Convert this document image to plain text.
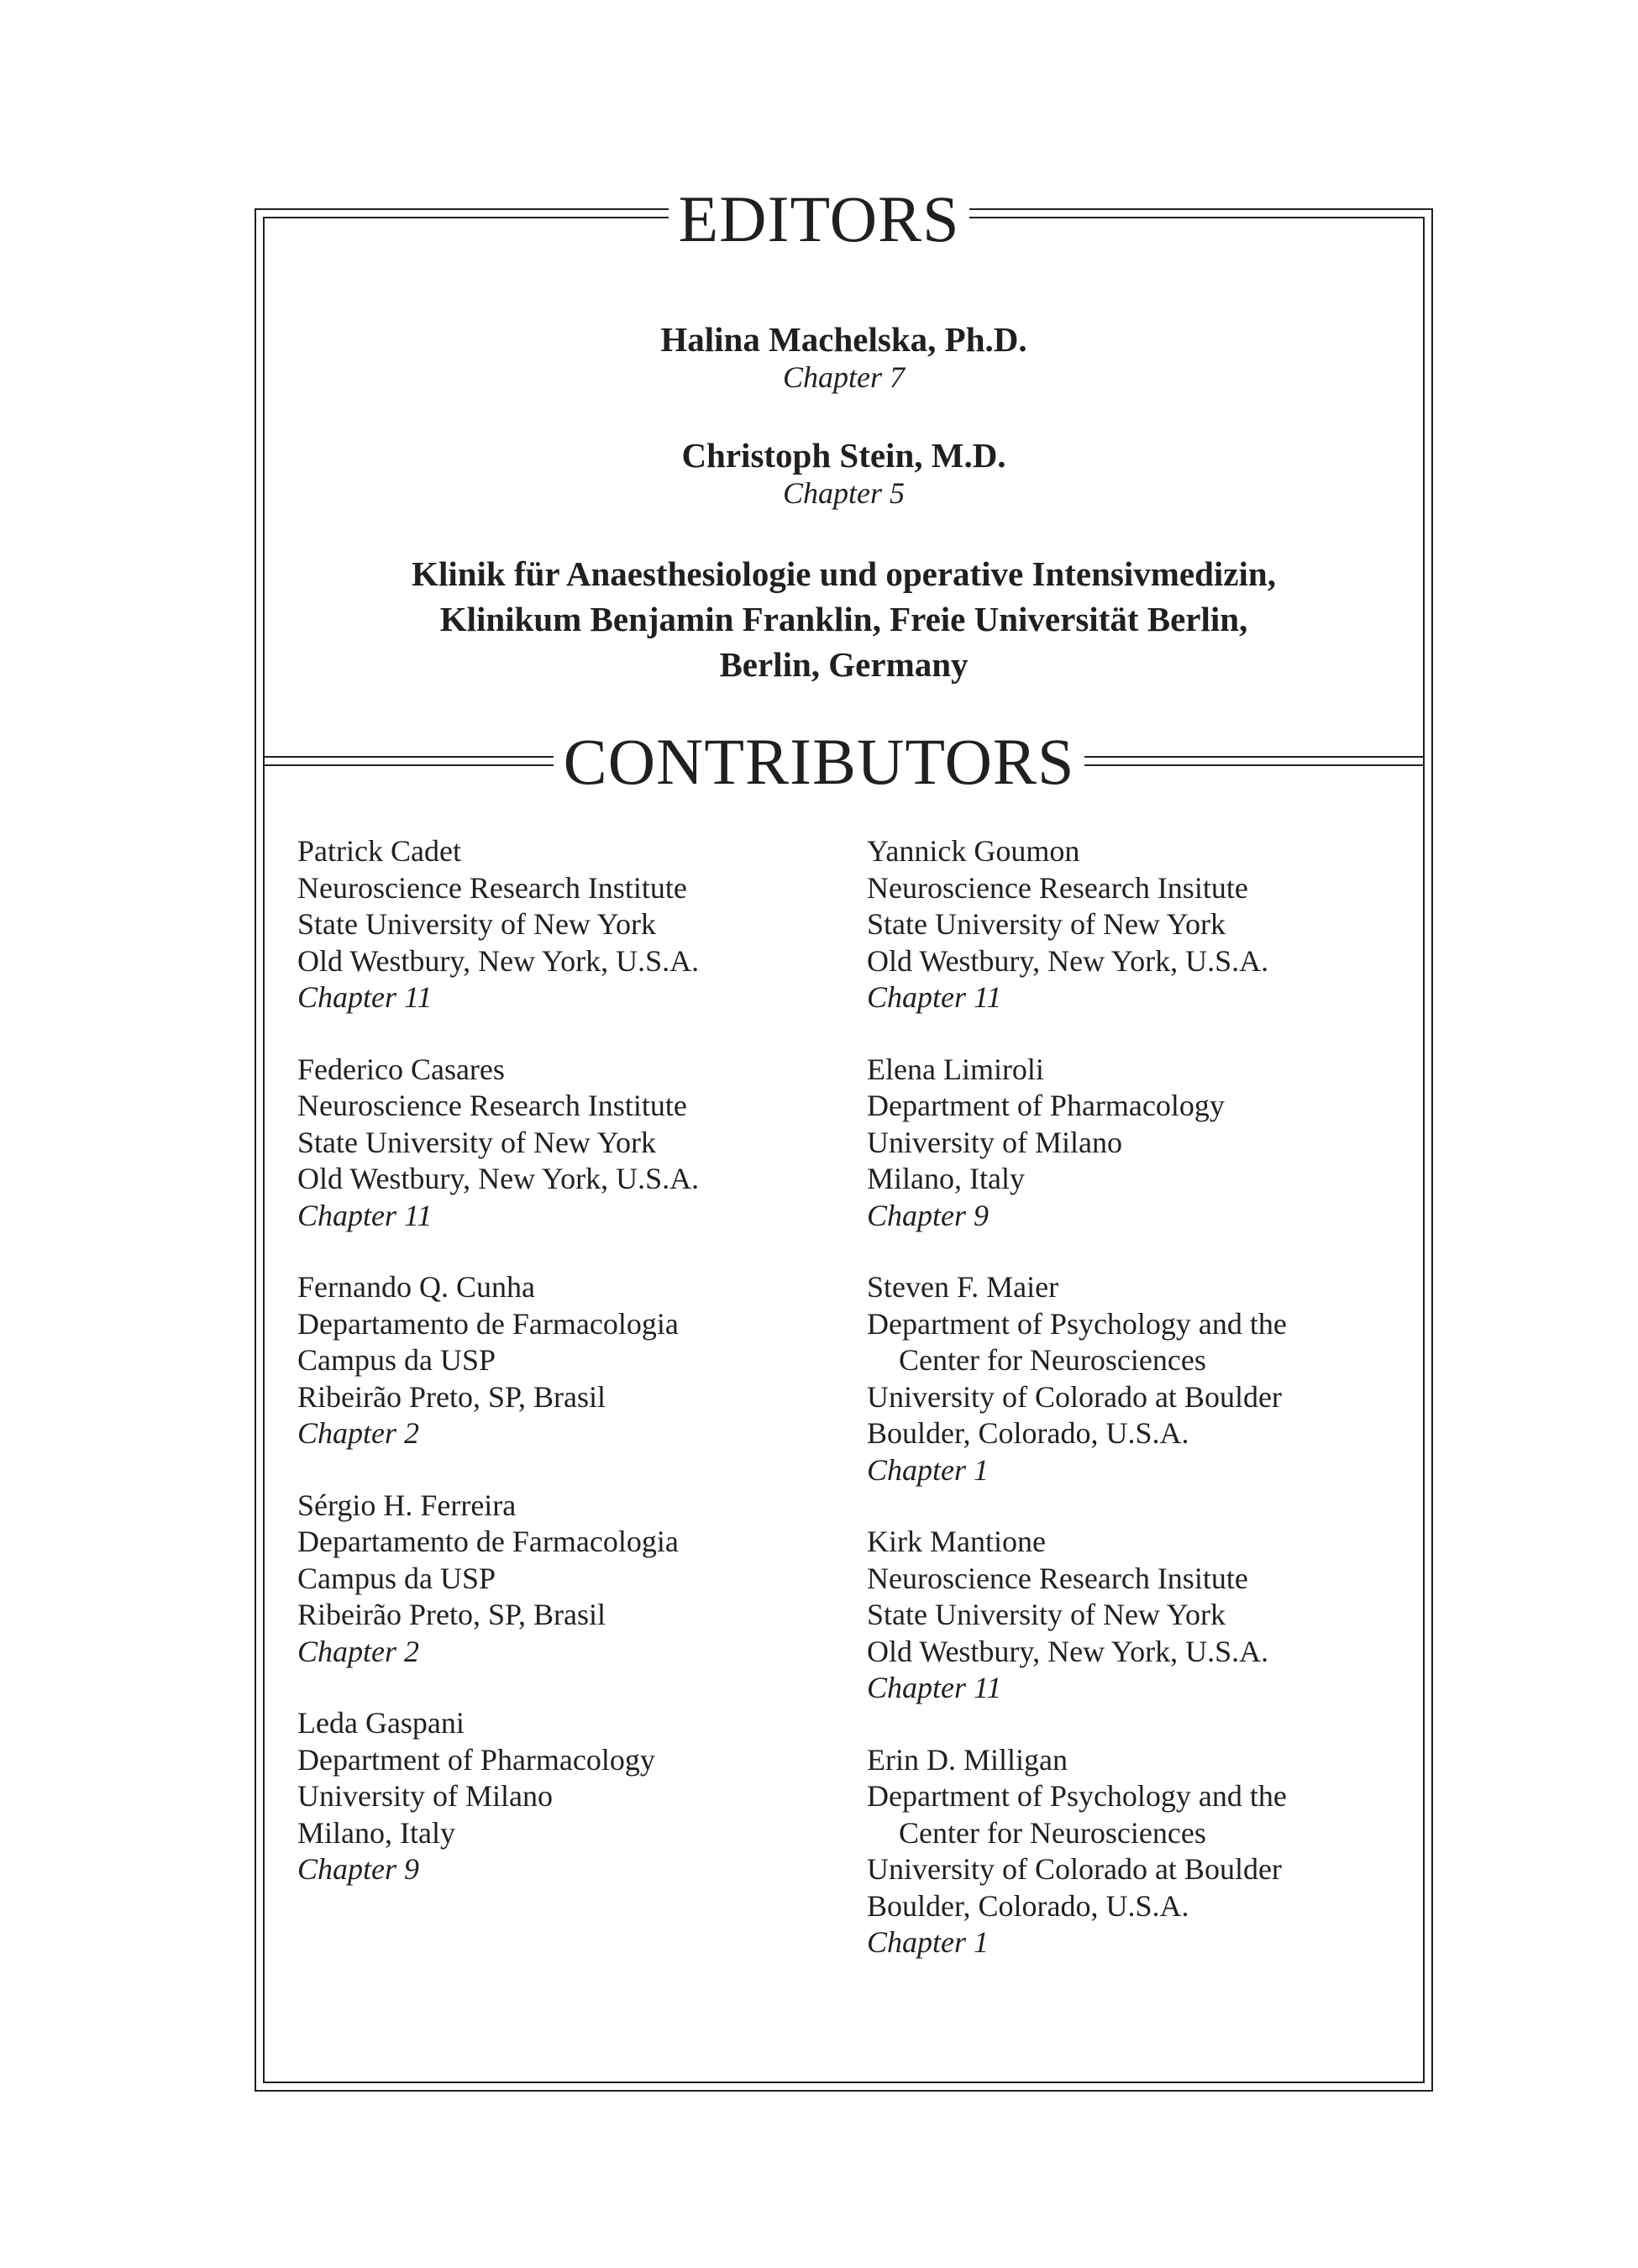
EDITORS

Halina Machelska, Ph.D.

Chapter 7

Christoph Stein, M.D.

Chapter 5

Klinik für Anaesthesiologie und operative Intensivmedizin,
Klinikum Benjamin Franklin, Freie Universität Berlin,
Berlin, Germany
CONTRIBUTORS
Patrick Cadet
Neuroscience Research Institute
State University of New York
Old Westbury, New York, U.S.A.
Chapter 11
Federico Casares
Neuroscience Research Institute
State University of New York
Old Westbury, New York, U.S.A.
Chapter 11
Fernando Q. Cunha
Departamento de Farmacologia
Campus da USP
Ribeirão Preto, SP, Brasil
Chapter 2
Sérgio H. Ferreira
Departamento de Farmacologia
Campus da USP
Ribeirão Preto, SP, Brasil
Chapter 2
Leda Gaspani
Department of Pharmacology
University of Milano
Milano, Italy
Chapter 9
Yannick Goumon
Neuroscience Research Insitute
State University of New York
Old Westbury, New York, U.S.A.
Chapter 11
Elena Limiroli
Department of Pharmacology
University of Milano
Milano, Italy
Chapter 9
Steven F. Maier
Department of Psychology and the
Center for Neurosciences
University of Colorado at Boulder
Boulder, Colorado, U.S.A.
Chapter 1
Kirk Mantione
Neuroscience Research Insitute
State University of New York
Old Westbury, New York, U.S.A.
Chapter 11
Erin D. Milligan
Department of Psychology and the
Center for Neurosciences
University of Colorado at Boulder
Boulder, Colorado, U.S.A.
Chapter 1
